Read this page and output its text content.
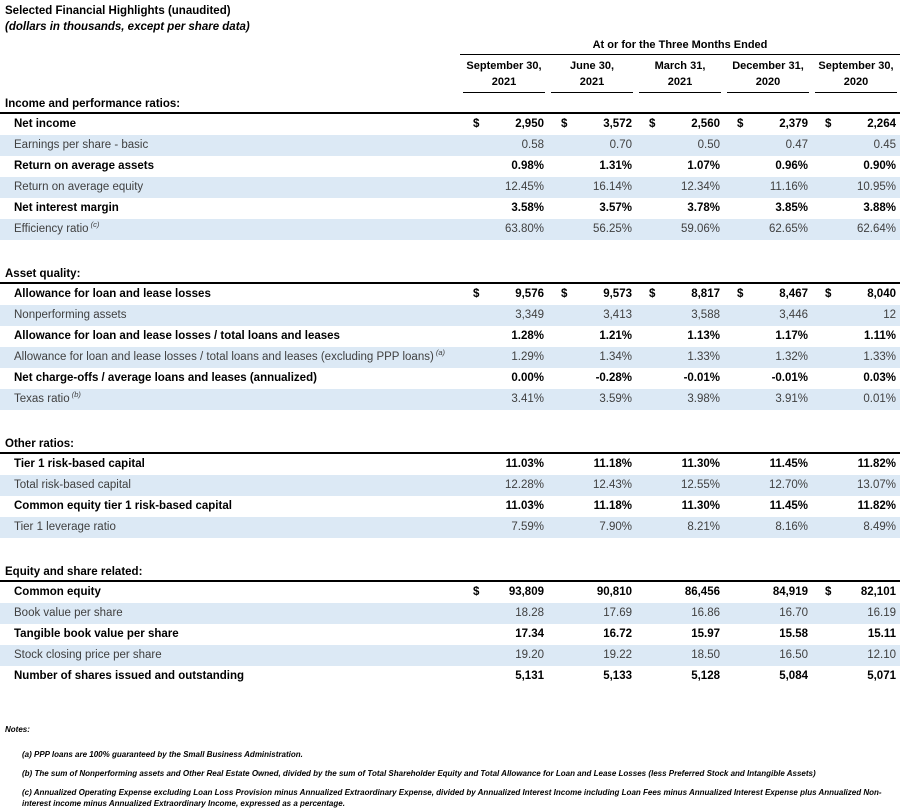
Selected Financial Highlights (unaudited)
(dollars in thousands, except per share data)
At or for the Three Months Ended
September 30,
2021
June 30,
2021
March 31,
2021
December 31,
2020
September 30,
2020
Income and performance ratios:
Net income	$	2,950	$	3,572	$	2,560	$	2,379	$	2,264
Earnings per share - basic	0.58	0.70	0.50	0.47	0.45
Return on average assets	0.98%	1.31%	1.07%	0.96%	0.90%
Return on average equity	12.45%	16.14%	12.34%	11.16%	10.95%
Net interest margin	3.58%	3.57%	3.78%	3.85%	3.88%
Efficiency ratio $^{(c)}$	63.80%	56.25%	59.06%	62.65%	62.64%
Asset quality:
Allowance for loan and lease losses	$	9,576	$	9,573	$	8,817	$	8,467	$	8,040
Nonperforming assets	3,349	3,413	3,588	3,446	12
Allowance for loan and lease losses / total loans and leases	1.28%	1.21%	1.13%	1.17%	1.11%
Allowance for loan and lease losses / total loans and leases (excluding PPP loans) $^{(a)}$	1.29%	1.34%	1.33%	1.32%	1.33%
Net charge-offs / average loans and leases (annualized)	0.00%	-0.28%	-0.01%	-0.01%	0.03%
Texas ratio $^{(b)}$	3.41%	3.59%	3.98%	3.91%	0.01%
Other ratios:
Tier 1 risk-based capital	11.03%	11.18%	11.30%	11.45%	11.82%
Total risk-based capital	12.28%	12.43%	12.55%	12.70%	13.07%
Common equity tier 1 risk-based capital	11.03%	11.18%	11.30%	11.45%	11.82%
Tier 1 leverage ratio	7.59%	7.90%	8.21%	8.16%	8.49%
Equity and share related:
Common equity	$	93,809	90,810	86,456	84,919	$	82,101
Book value per share	18.28	17.69	16.86	16.70	16.19
Tangible book value per share	17.34	16.72	15.97	15.58	15.11
Stock closing price per share	19.20	19.22	18.50	16.50	12.10
Number of shares issued and outstanding	5,131	5,133	5,128	5,084	5,071
Notes:
(a) PPP loans are 100% guaranteed by the Small Business Administration.
(b) The sum of Nonperforming assets and Other Real Estate Owned, divided by the sum of Total Shareholder Equity and Total Allowance for Loan and Lease Losses (less Preferred Stock and Intangible Assets)
(c) Annualized Operating Expense excluding Loan Loss Provision minus Annualized Extraordinary Expense, divided by Annualized Interest Income including Loan Fees minus Annualized Interest Expense plus Annualized Non-interest income minus Annualized Extraordinary Income, expressed as a percentage.
